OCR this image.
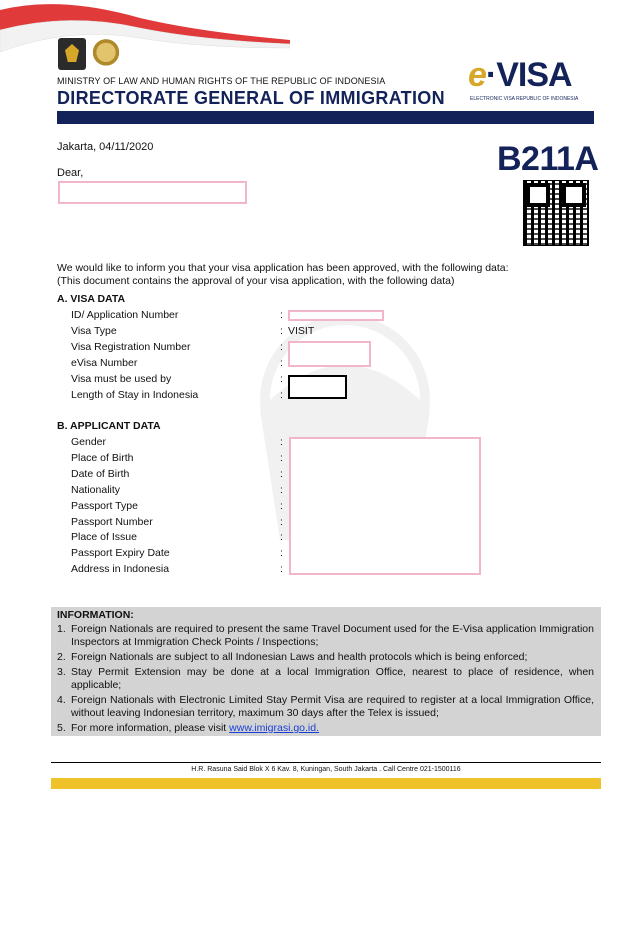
MINISTRY OF LAW AND HUMAN RIGHTS OF THE REPUBLIC OF INDONESIA
DIRECTORATE GENERAL OF IMMIGRATION
e·VISA
ELECTRONIC VISA REPUBLIC OF INDONESIA
Jakarta, 04/11/2020	B211A
Dear,
We would like to inform you that your visa application has been approved, with the following data:
(This document contains the approval of your visa application, with the following data)
A. VISA DATA
ID/ Application Number	:
Visa Type	: VISIT
Visa Registration Number	:
eVisa Number	:
Visa must be used by	:
Length of Stay in Indonesia	:
B. APPLICANT DATA
Gender	:
Place of Birth	:
Date of Birth	:
Nationality	:
Passport Type	:
Passport Number	:
Place of Issue	:
Passport Expiry Date	:
Address in Indonesia	:
INFORMATION:
1. Foreign Nationals are required to present the same Travel Document used for the E-Visa application Immigration Inspectors at Immigration Check Points / Inspections;
2. Foreign Nationals are subject to all Indonesian Laws and health protocols which is being enforced;
3. Stay Permit Extension may be done at a local Immigration Office, nearest to place of residence, when applicable;
4. Foreign Nationals with Electronic Limited Stay Permit Visa are required to register at a local Immigration Office, without leaving Indonesian territory, maximum 30 days after the Telex is issued;
5. For more information, please visit www.imigrasi.go.id.
H.R. Rasuna Said Blok X 6 Kav. 8, Kuningan, South Jakarta . Call Centre 021-1500116
